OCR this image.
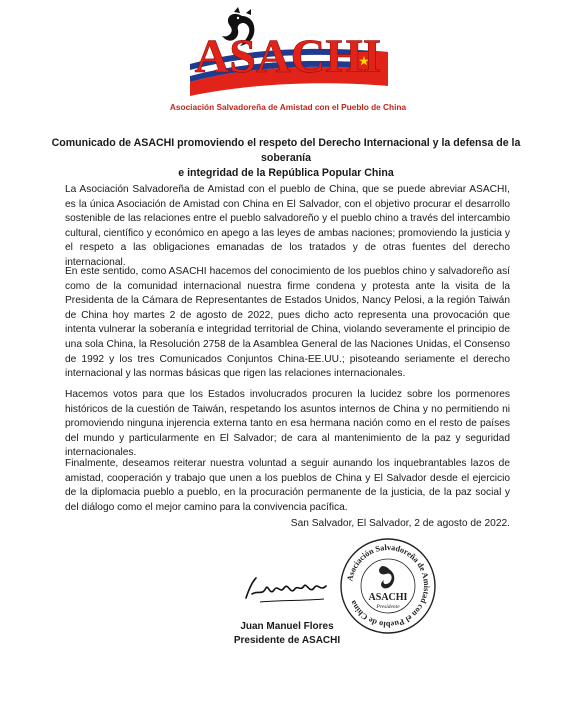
ASACHI
Asociación Salvadoreña de Amistad con el Pueblo de China
Comunicado de ASACHI promoviendo el respeto del Derecho Internacional y la defensa de la soberanía
e integridad de la República Popular China

La Asociación Salvadoreña de Amistad con el pueblo de China, que se puede abreviar ASACHI, es la única Asociación de Amistad con China en El Salvador, con el objetivo procurar el desarrollo sostenible de las relaciones entre el pueblo salvadoreño y el pueblo chino a través del intercambio cultural, científico y económico en apego a las leyes de ambas naciones; promoviendo la justicia y el respeto a las obligaciones emanadas de los tratados y de otras fuentes del derecho internacional.

En este sentido, como ASACHI hacemos del conocimiento de los pueblos chino y salvadoreño así como de la comunidad internacional nuestra firme condena y protesta ante la visita de la Presidenta de la Cámara de Representantes de Estados Unidos, Nancy Pelosi, a la región Taiwán de China hoy martes 2 de agosto de 2022, pues dicho acto representa una provocación que intenta vulnerar la soberanía e integridad territorial de China, violando severamente el principio de una sola China, la Resolución 2758 de la Asamblea General de las Naciones Unidas, el Consenso de 1992 y los tres Comunicados Conjuntos China-EE.UU.; pisoteando seriamente el derecho internacional y las normas básicas que rigen las relaciones internacionales.

Hacemos votos para que los Estados involucrados procuren la lucidez sobre los pormenores históricos de la cuestión de Taiwán, respetando los asuntos internos de China y no permitiendo ni promoviendo ninguna injerencia externa tanto en esa hermana nación como en el resto de países del mundo y particularmente en El Salvador; de cara al mantenimiento de la paz y seguridad internacionales.

Finalmente, deseamos reiterar nuestra voluntad a seguir aunando los inquebrantables lazos de amistad, cooperación y trabajo que unen a los pueblos de China y El Salvador desde el ejercicio de la diplomacia pueblo a pueblo, en la procuración permanente de la justicia, de la paz social y del diálogo como el mejor camino para la convivencia pacífica.

San Salvador, El Salvador, 2 de agosto de 2022.
Juan Manuel Flores
Presidente de ASACHI
Asociación Salvadoreña de Amistad con el Pueblo de China	ASACHI
Presidente
